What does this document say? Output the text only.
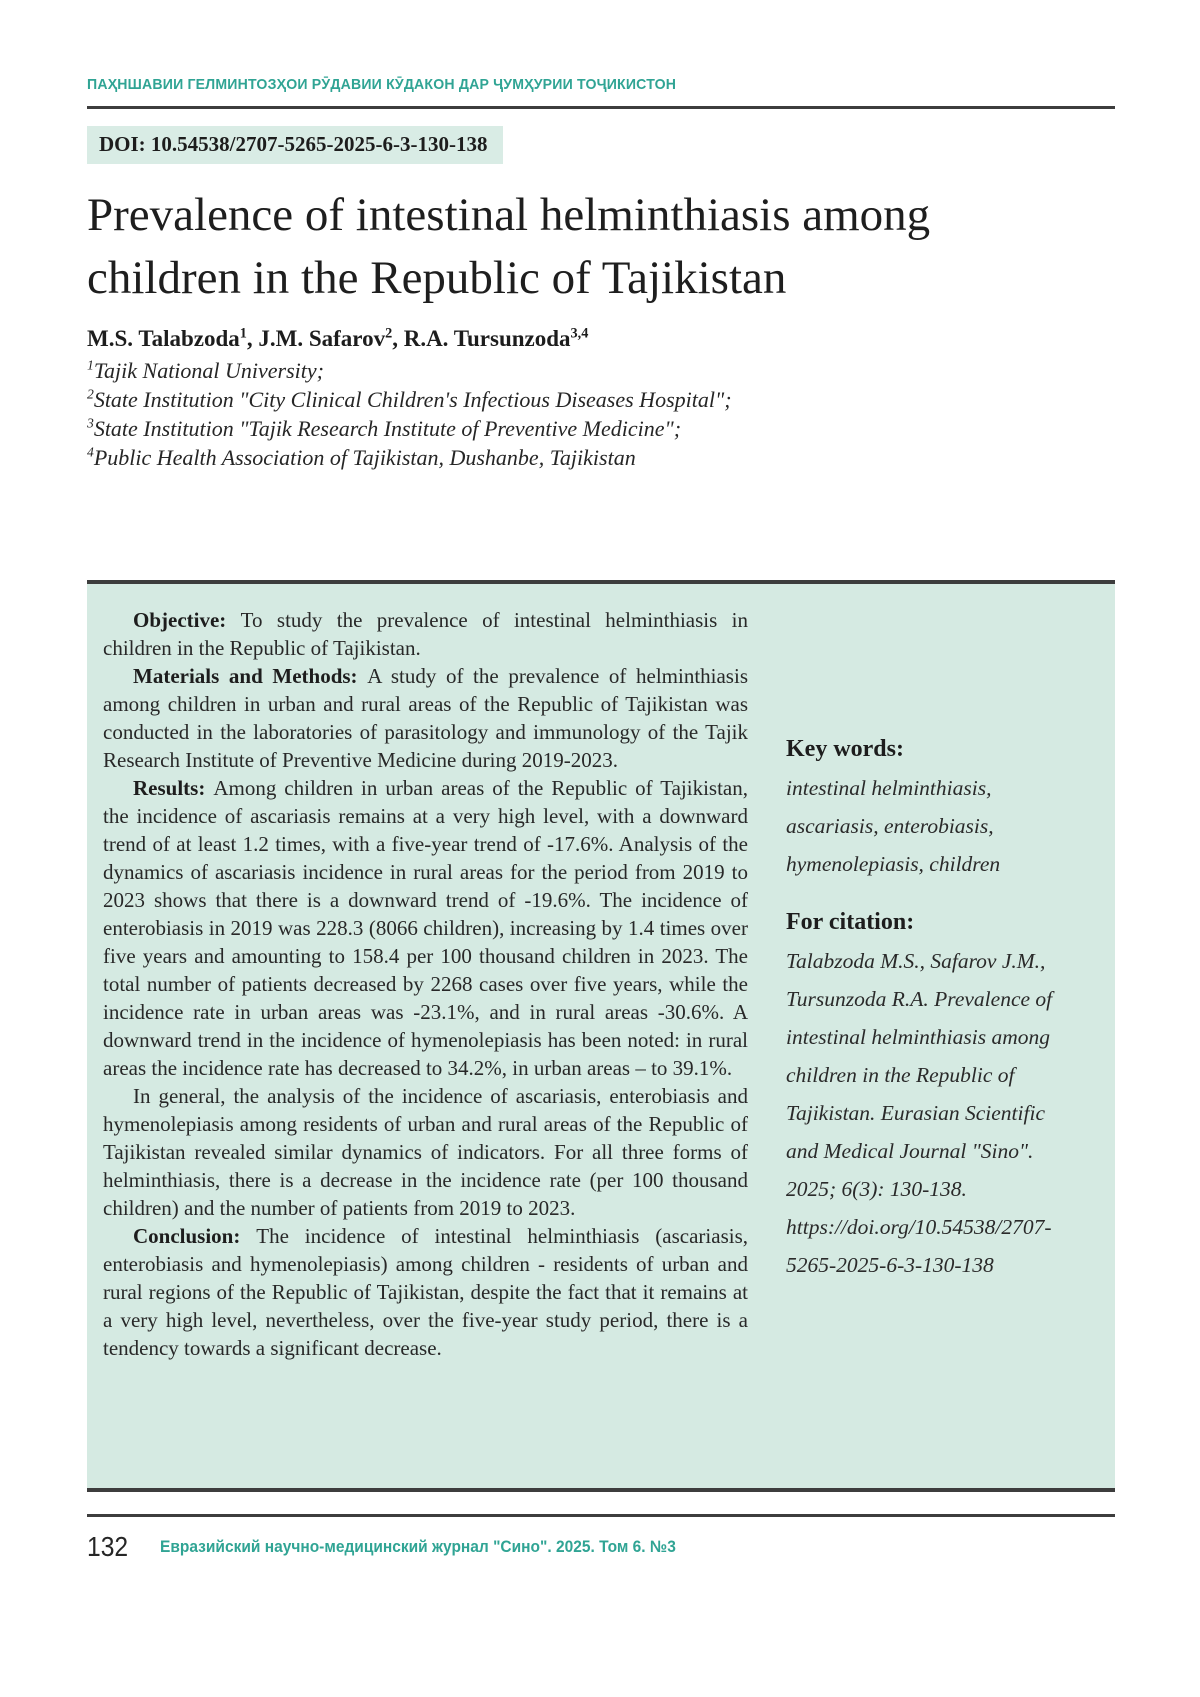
ПАҲНШАВИИ ГЕЛМИНТОЗҲОИ РӮДАВИИ КӮДАКОН ДАР ҶУМҲУРИИ ТОҶИКИСТОН
DOI: 10.54538/2707-5265-2025-6-3-130-138
Prevalence of intestinal helminthiasis among children in the Republic of Tajikistan
M.S. Talabzoda$^1$, J.M. Safarov$^2$, R.A. Tursunzoda$^{3,4}$
$^1$Tajik National University;
$^2$State Institution "City Clinical Children's Infectious Diseases Hospital";
$^3$State Institution "Tajik Research Institute of Preventive Medicine";
$^4$Public Health Association of Tajikistan, Dushanbe, Tajikistan

Objective: To study the prevalence of intestinal helminthiasis in children in the Republic of Tajikistan.

Materials and Methods: A study of the prevalence of helminthiasis among children in urban and rural areas of the Republic of Tajikistan was conducted in the laboratories of parasitology and immunology of the Tajik Research Institute of Preventive Medicine during 2019-2023.

Results: Among children in urban areas of the Republic of Tajikistan, the incidence of ascariasis remains at a very high level, with a downward trend of at least 1.2 times, with a five-year trend of -17.6%. Analysis of the dynamics of ascariasis incidence in rural areas for the period from 2019 to 2023 shows that there is a downward trend of -19.6%. The incidence of enterobiasis in 2019 was 228.3 (8066 children), increasing by 1.4 times over five years and amounting to 158.4 per 100 thousand children in 2023. The total number of patients decreased by 2268 cases over five years, while the incidence rate in urban areas was -23.1%, and in rural areas -30.6%. A downward trend in the incidence of hymenolepiasis has been noted: in rural areas the incidence rate has decreased to 34.2%, in urban areas – to 39.1%.

In general, the analysis of the incidence of ascariasis, enterobiasis and hymenolepiasis among residents of urban and rural areas of the Republic of Tajikistan revealed similar dynamics of indicators. For all three forms of helminthiasis, there is a decrease in the incidence rate (per 100 thousand children) and the number of patients from 2019 to 2023.

Conclusion: The incidence of intestinal helminthiasis (ascariasis, enterobiasis and hymenolepiasis) among children - residents of urban and rural regions of the Republic of Tajikistan, despite the fact that it remains at a very high level, nevertheless, over the five-year study period, there is a tendency towards a significant decrease.

Key words:
intestinal helminthiasis, ascariasis, enterobiasis, hymenolepiasis, children
For citation:
Talabzoda M.S., Safarov J.M., Tursunzoda R.A. Prevalence of intestinal helminthiasis among children in the Republic of Tajikistan. Eurasian Scientific and Medical Journal "Sino". 2025; 6(3): 130-138. https://doi.org/10.54538/2707-5265-2025-6-3-130-138
132 Евразийский научно-медицинский журнал "Сино". 2025. Том 6. №3
